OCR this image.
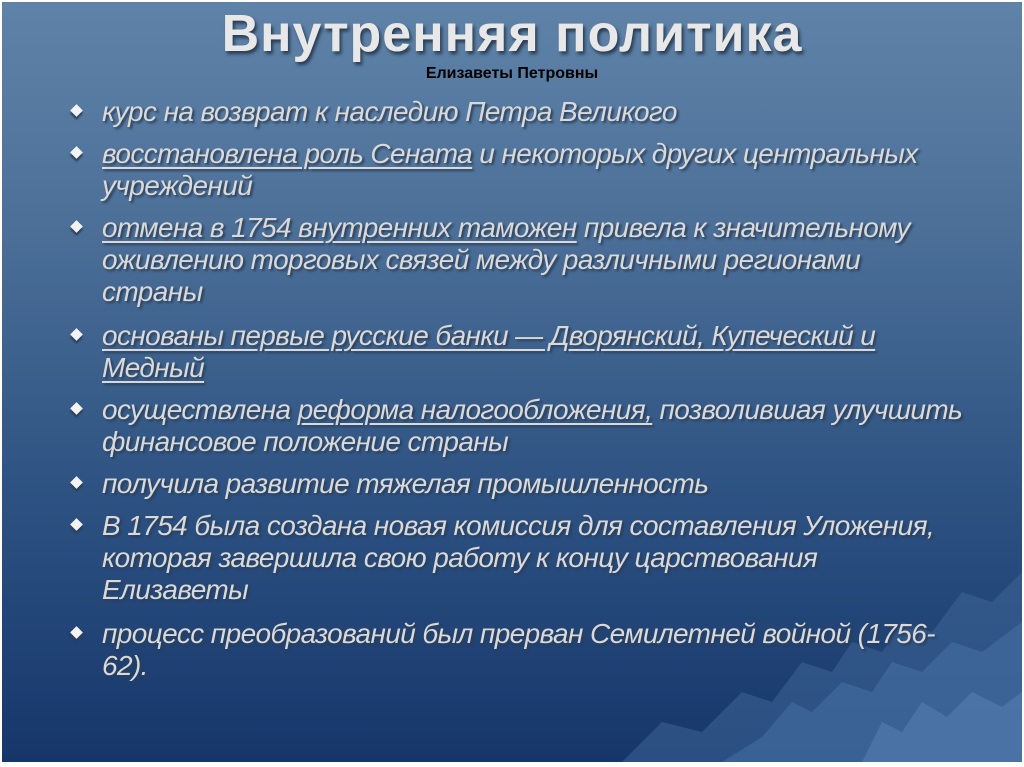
Внутренняя политика
Елизаветы Петровны
курс на возврат к наследию Петра Великого
восстановлена роль Сената и некоторых других центральных учреждений
отмена в 1754 внутренних таможен привела к значительному оживлению торговых связей между различными регионами страны
основаны первые русские банки — Дворянский, Купеческий и Медный
осуществлена реформа налогообложения, позволившая улучшить финансовое положение страны
получила развитие тяжелая промышленность
В 1754 была создана новая комиссия для составления Уложения, которая завершила свою работу к концу царствования Елизаветы
процесс преобразований был прерван Семилетней войной (1756-62).
